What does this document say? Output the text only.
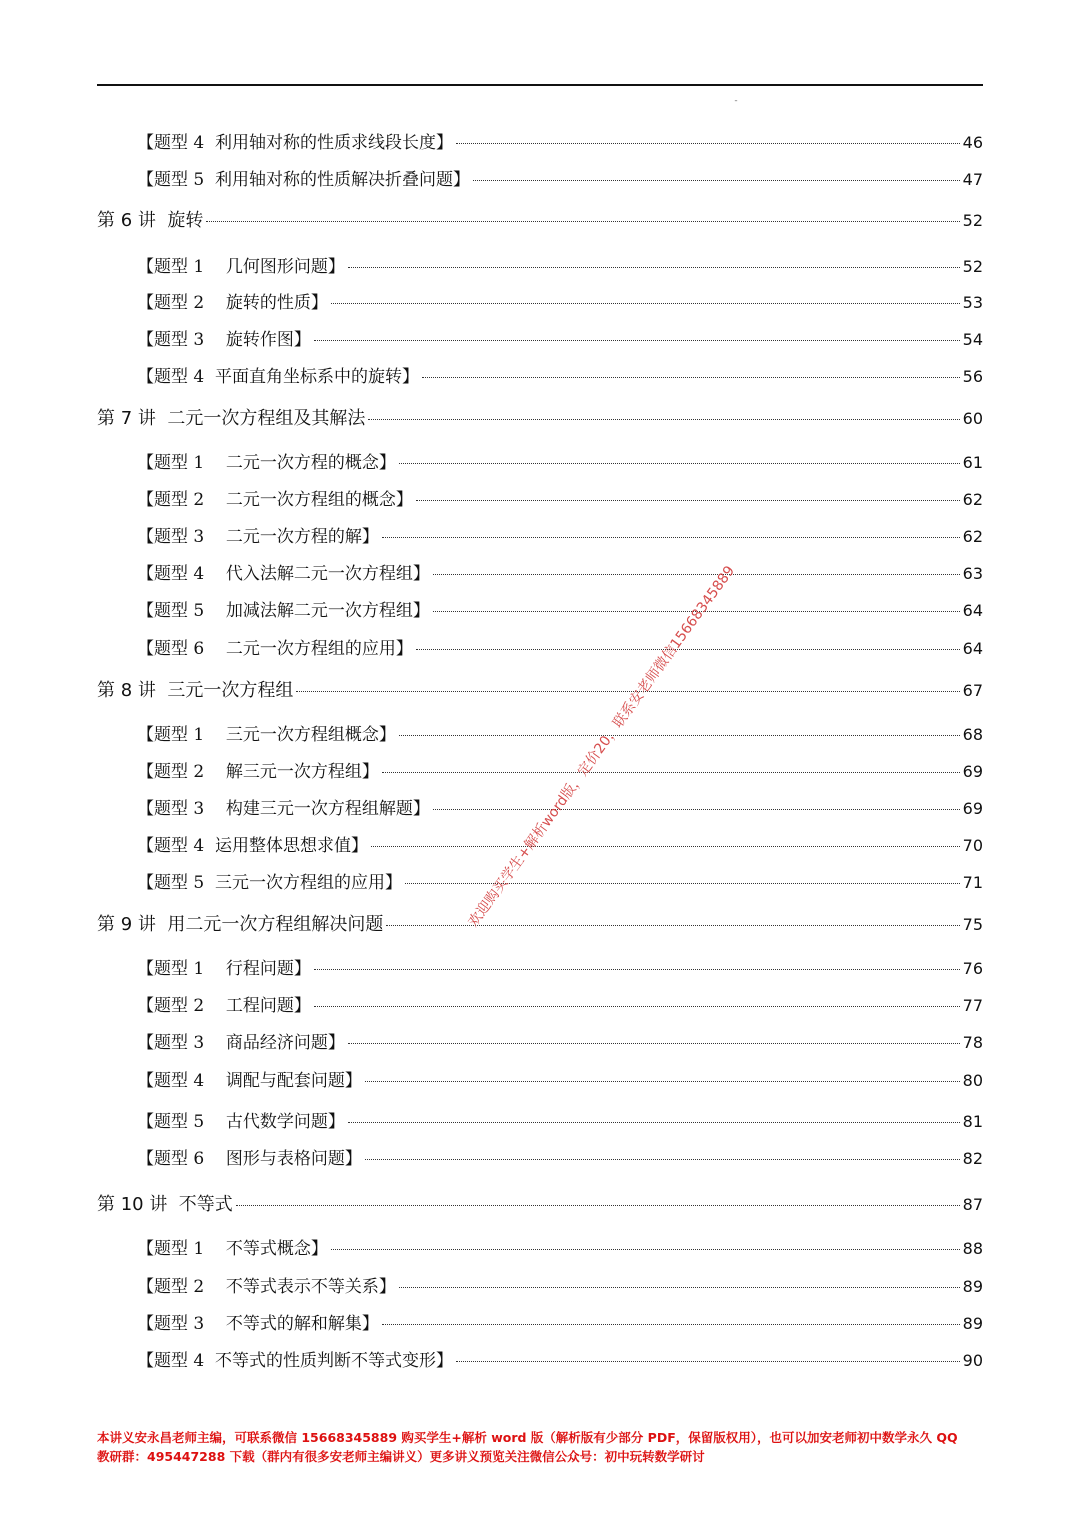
ˉ
【题型 4  利用轴对称的性质求线段长度】	46
【题型 5  利用轴对称的性质解决折叠问题】	47
第 6 讲  旋转	52
【题型 1    几何图形问题】	52
【题型 2    旋转的性质】	53
【题型 3    旋转作图】	54
【题型 4  平面直角坐标系中的旋转】	56
第 7 讲  二元一次方程组及其解法	60
【题型 1    二元一次方程的概念】	61
【题型 2    二元一次方程组的概念】	62
【题型 3    二元一次方程的解】	62
【题型 4    代入法解二元一次方程组】	63
【题型 5    加减法解二元一次方程组】	64
【题型 6    二元一次方程组的应用】	64
第 8 讲  三元一次方程组	67
【题型 1    三元一次方程组概念】	68
【题型 2    解三元一次方程组】	69
【题型 3    构建三元一次方程组解题】	69
【题型 4  运用整体思想求值】	70
【题型 5  三元一次方程组的应用】	71
第 9 讲  用二元一次方程组解决问题	75
【题型 1    行程问题】	76
【题型 2    工程问题】	77
【题型 3    商品经济问题】	78
【题型 4    调配与配套问题】	80
【题型 5    古代数学问题】	81
【题型 6    图形与表格问题】	82
第 10 讲  不等式	87
【题型 1    不等式概念】	88
【题型 2    不等式表示不等关系】	89
【题型 3    不等式的解和解集】	89
【题型 4  不等式的性质判断不等式变形】	90
欢迎购买学生+解析word版，定价20，联系安老师微信15668345889
本讲义安永昌老师主编，可联系微信 15668345889 购买学生+解析 word 版（解析版有少部分 PDF，保留版权用），也可以加安老师初中数学永久 QQ
教研群：495447288 下载（群内有很多安老师主编讲义）更多讲义预览关注微信公众号：初中玩转数学研讨
